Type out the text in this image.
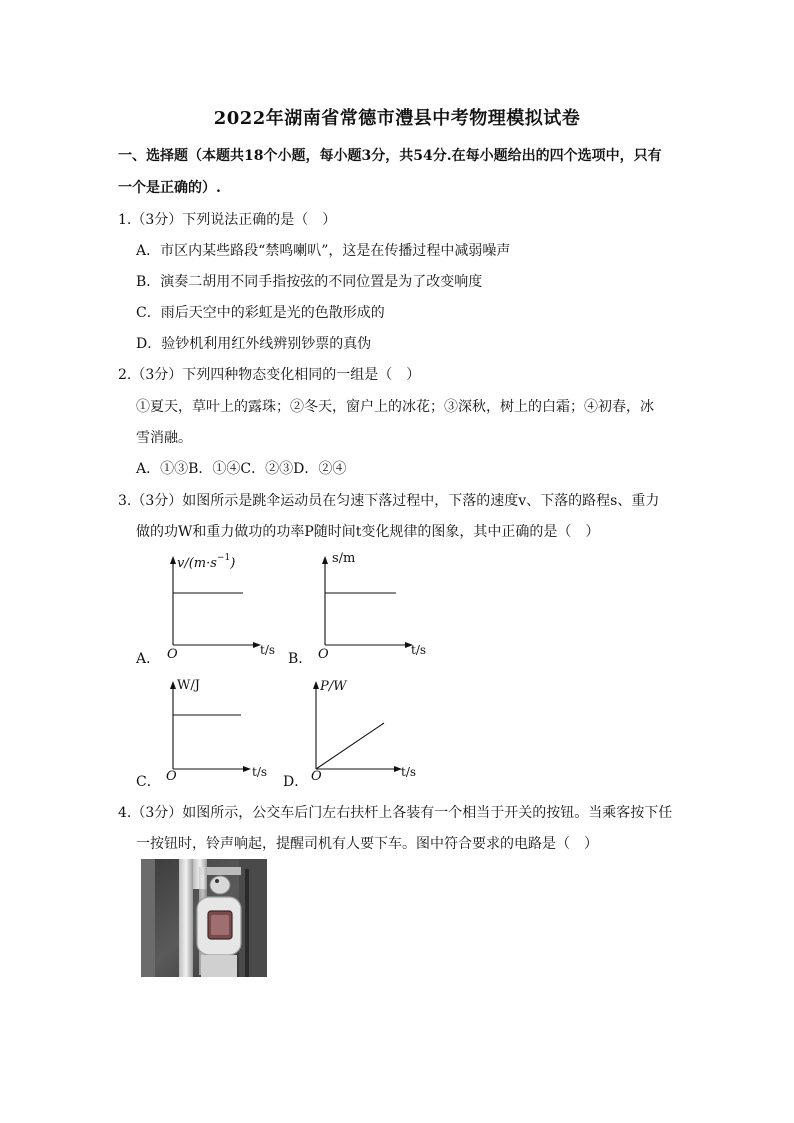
2022年湖南省常德市澧县中考物理模拟试卷
一、选择题（本题共18个小题，每小题3分，共54分.在每小题给出的四个选项中，只有
一个是正确的）.
1.（3分）下列说法正确的是（　）
A．市区内某些路段“禁鸣喇叭”，这是在传播过程中减弱噪声
B．演奏二胡用不同手指按弦的不同位置是为了改变响度
C．雨后天空中的彩虹是光的色散形成的
D．验钞机利用红外线辨别钞票的真伪
2.（3分）下列四种物态变化相同的一组是（　）
①夏天，草叶上的露珠；②冬天，窗户上的冰花；③深秋，树上的白霜；④初春，冰
雪消融。
A．①③B．①④C．②③D．②④
3.（3分）如图所示是跳伞运动员在匀速下落过程中，下落的速度v、下落的路程s、重力
做的功W和重力做功的功率P随时间t变化规律的图象，其中正确的是（　）
A．
$v/(m\cdot s^{-1})$
t/s
O	B．
s/m
t/s
O
C．
W/J
t/s
O	D．
P/W
t/s
O
4.（3分）如图所示，公交车后门左右扶杆上各装有一个相当于开关的按钮。当乘客按下任
一按钮时，铃声响起，提醒司机有人要下车。图中符合要求的电路是（　）
